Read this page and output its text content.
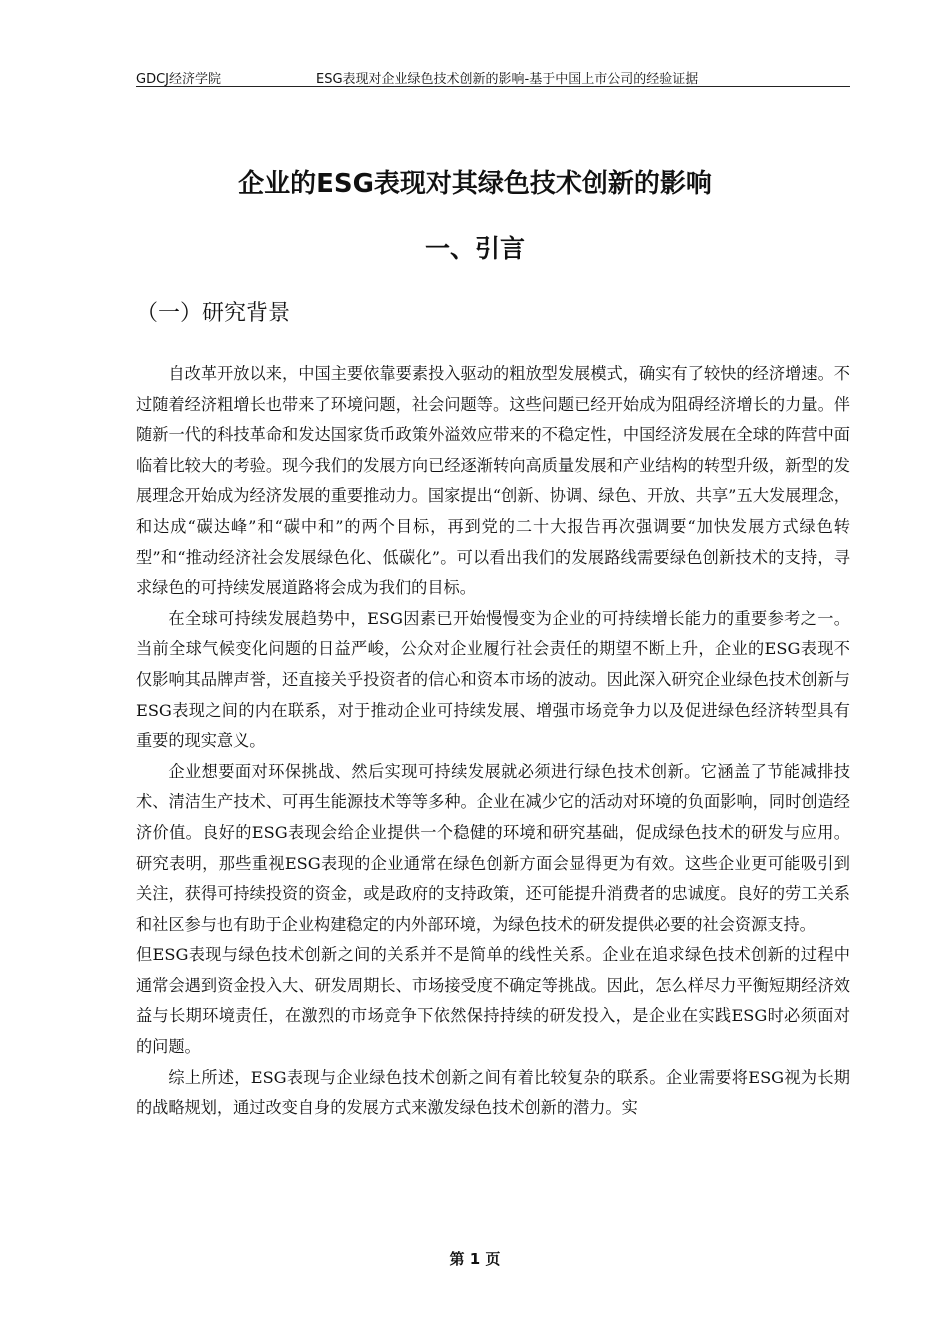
GDCJ经济学院	ESG表现对企业绿色技术创新的影响-基于中国上市公司的经验证据
企业的ESG表现对其绿色技术创新的影响
一、引言
（一）研究背景

自改革开放以来，中国主要依靠要素投入驱动的粗放型发展模式，确实有了较快的经济增速。不过随着经济粗增长也带来了环境问题，社会问题等。这些问题已经开始成为阻碍经济增长的力量。伴随新一代的科技革命和发达国家货币政策外溢效应带来的不稳定性，中国经济发展在全球的阵营中面临着比较大的考验。现今我们的发展方向已经逐渐转向高质量发展和产业结构的转型升级，新型的发展理念开始成为经济发展的重要推动力。国家提出“创新、协调、绿色、开放、共享”五大发展理念，和达成“碳达峰”和“碳中和”的两个目标，再到党的二十大报告再次强调要“加快发展方式绿色转型”和“推动经济社会发展绿色化、低碳化”。可以看出我们的发展路线需要绿色创新技术的支持，寻求绿色的可持续发展道路将会成为我们的目标。

在全球可持续发展趋势中，ESG因素已开始慢慢变为企业的可持续增长能力的重要参考之一。当前全球气候变化问题的日益严峻，公众对企业履行社会责任的期望不断上升，企业的ESG表现不仅影响其品牌声誉，还直接关乎投资者的信心和资本市场的波动。因此深入研究企业绿色技术创新与ESG表现之间的内在联系，对于推动企业可持续发展、增强市场竞争力以及促进绿色经济转型具有重要的现实意义。

企业想要面对环保挑战、然后实现可持续发展就必须进行绿色技术创新。它涵盖了节能减排技术、清洁生产技术、可再生能源技术等等多种。企业在减少它的活动对环境的负面影响，同时创造经济价值。良好的ESG表现会给企业提供一个稳健的环境和研究基础，促成绿色技术的研发与应用。研究表明，那些重视ESG表现的企业通常在绿色创新方面会显得更为有效。这些企业更可能吸引到关注，获得可持续投资的资金，或是政府的支持政策，还可能提升消费者的忠诚度。良好的劳工关系和社区参与也有助于企业构建稳定的内外部环境，为绿色技术的研发提供必要的社会资源支持。

但ESG表现与绿色技术创新之间的关系并不是简单的线性关系。企业在追求绿色技术创新的过程中通常会遇到资金投入大、研发周期长、市场接受度不确定等挑战。因此，怎么样尽力平衡短期经济效益与长期环境责任，在激烈的市场竞争下依然保持持续的研发投入，是企业在实践ESG时必须面对的问题。

综上所述，ESG表现与企业绿色技术创新之间有着比较复杂的联系。企业需要将ESG视为长期的战略规划，通过改变自身的发展方式来激发绿色技术创新的潜力。实

第 1 页
